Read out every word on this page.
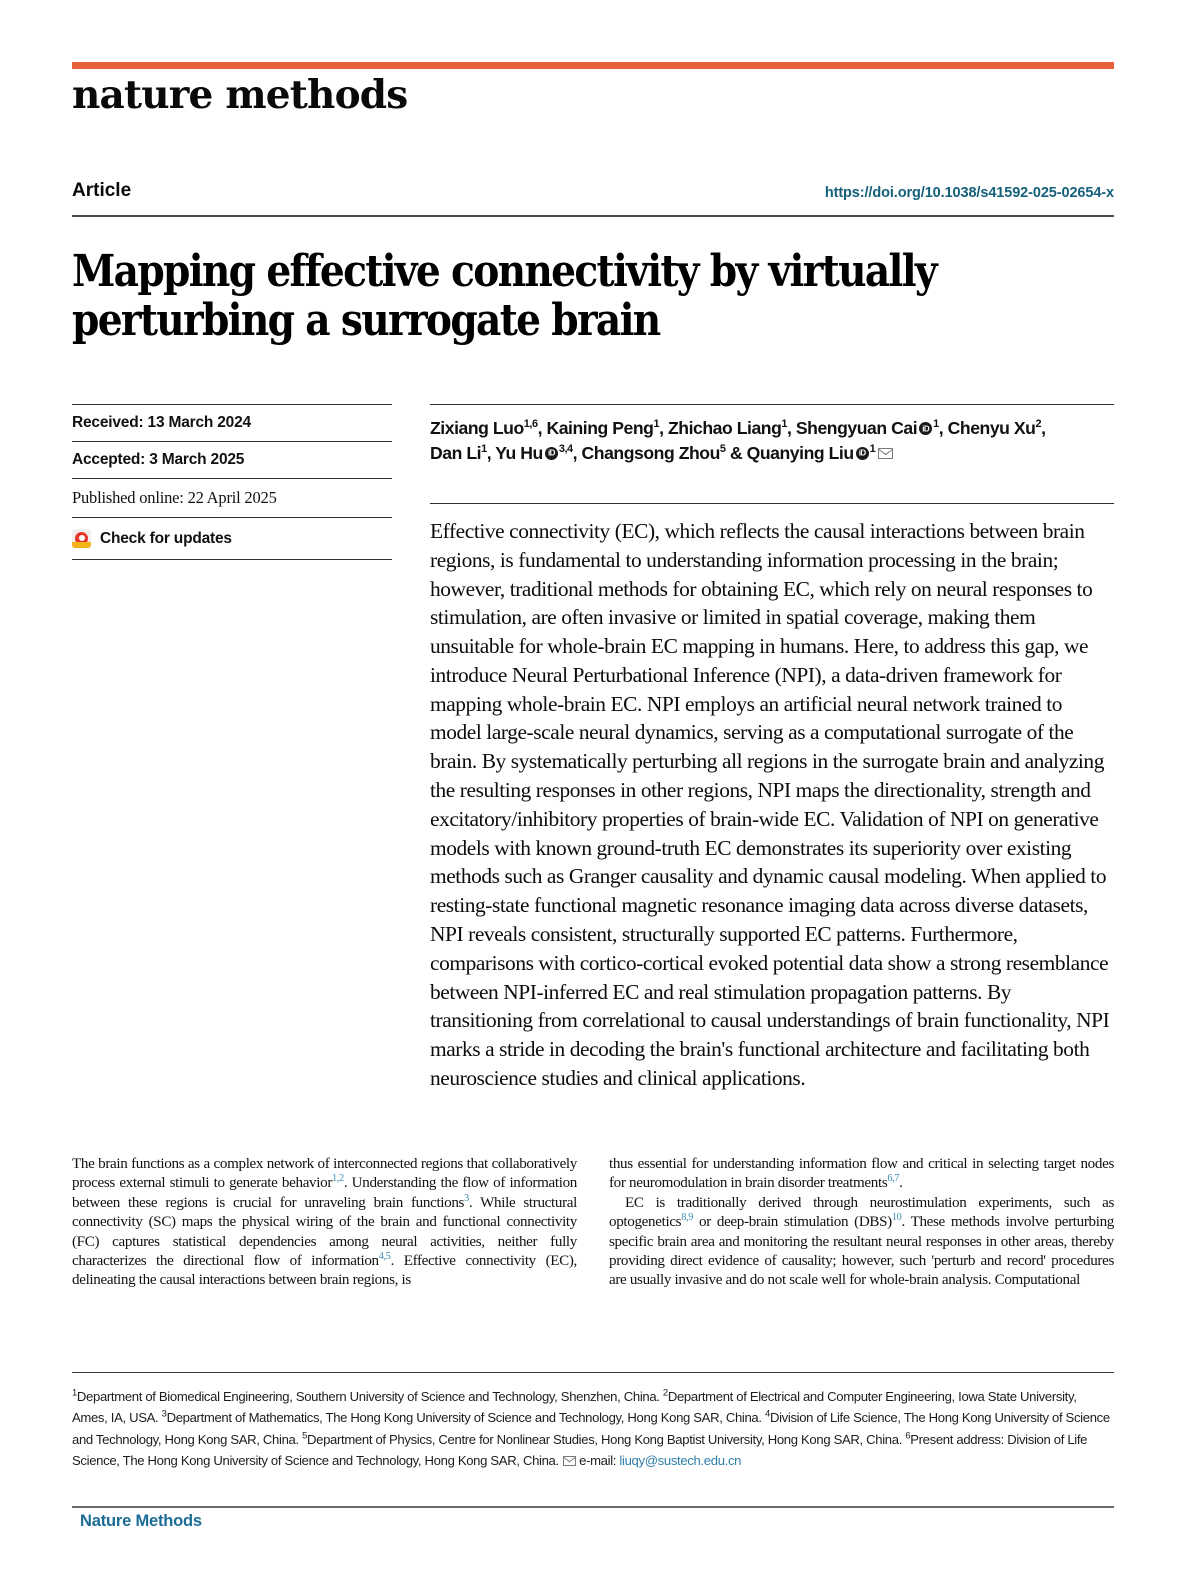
nature methods
Article	https://doi.org/10.1038/s41592-025-02654-x
Mapping effective connectivity by virtually perturbing a surrogate brain
Received: 13 March 2024
Accepted: 3 March 2025
Published online: 22 April 2025
Check for updates
Zixiang Luo$^{1,6}$, Kaining Peng$^1$, Zhichao Liang$^1$, Shengyuan Cai iD $^1$, Chenyu Xu$^2$,
Dan Li$^1$, Yu Hu iD $^{3,4}$, Changsong Zhou$^5$ & Quanying Liu iD $^1$
Effective connectivity (EC), which reflects the causal interactions between brain regions, is fundamental to understanding information processing in the brain; however, traditional methods for obtaining EC, which rely on neural responses to stimulation, are often invasive or limited in spatial coverage, making them unsuitable for whole-brain EC mapping in humans. Here, to address this gap, we introduce Neural Perturbational Inference (NPI), a data-driven framework for mapping whole-brain EC. NPI employs an artificial neural network trained to model large-scale neural dynamics, serving as a computational surrogate of the brain. By systematically perturbing all regions in the surrogate brain and analyzing the resulting responses in other regions, NPI maps the directionality, strength and excitatory/inhibitory properties of brain-wide EC. Validation of NPI on generative models with known ground-truth EC demonstrates its superiority over existing methods such as Granger causality and dynamic causal modeling. When applied to resting-state functional magnetic resonance imaging data across diverse datasets, NPI reveals consistent, structurally supported EC patterns. Furthermore, comparisons with cortico-cortical evoked potential data show a strong resemblance between NPI-inferred EC and real stimulation propagation patterns. By transitioning from correlational to causal understandings of brain functionality, NPI marks a stride in decoding the brain's functional architecture and facilitating both neuroscience studies and clinical applications.

The brain functions as a complex network of interconnected regions that collaboratively process external stimuli to generate behavior$^{1,2}$. Understanding the flow of information between these regions is crucial for unraveling brain functions$^3$. While structural connectivity (SC) maps the physical wiring of the brain and functional connectivity (FC) captures statistical dependencies among neural activities, neither fully characterizes the directional flow of information$^{4,5}$. Effective connectivity (EC), delineating the causal interactions between brain regions, is

thus essential for understanding information flow and critical in selecting target nodes for neuromodulation in brain disorder treatments$^{6,7}$.

EC is traditionally derived through neurostimulation experiments, such as optogenetics$^{8,9}$ or deep-brain stimulation (DBS)$^{10}$. These methods involve perturbing specific brain area and monitoring the resultant neural responses in other areas, thereby providing direct evidence of causality; however, such 'perturb and record' procedures are usually invasive and do not scale well for whole-brain analysis. Computational

$^1$Department of Biomedical Engineering, Southern University of Science and Technology, Shenzhen, China. $^2$Department of Electrical and Computer Engineering, Iowa State University, Ames, IA, USA. $^3$Department of Mathematics, The Hong Kong University of Science and Technology, Hong Kong SAR, China. $^4$Division of Life Science, The Hong Kong University of Science and Technology, Hong Kong SAR, China. $^5$Department of Physics, Centre for Nonlinear Studies, Hong Kong Baptist University, Hong Kong SAR, China. $^6$Present address: Division of Life Science, The Hong Kong University of Science and Technology, Hong Kong SAR, China. e-mail: liuqy@sustech.edu.cn
Nature Methods
